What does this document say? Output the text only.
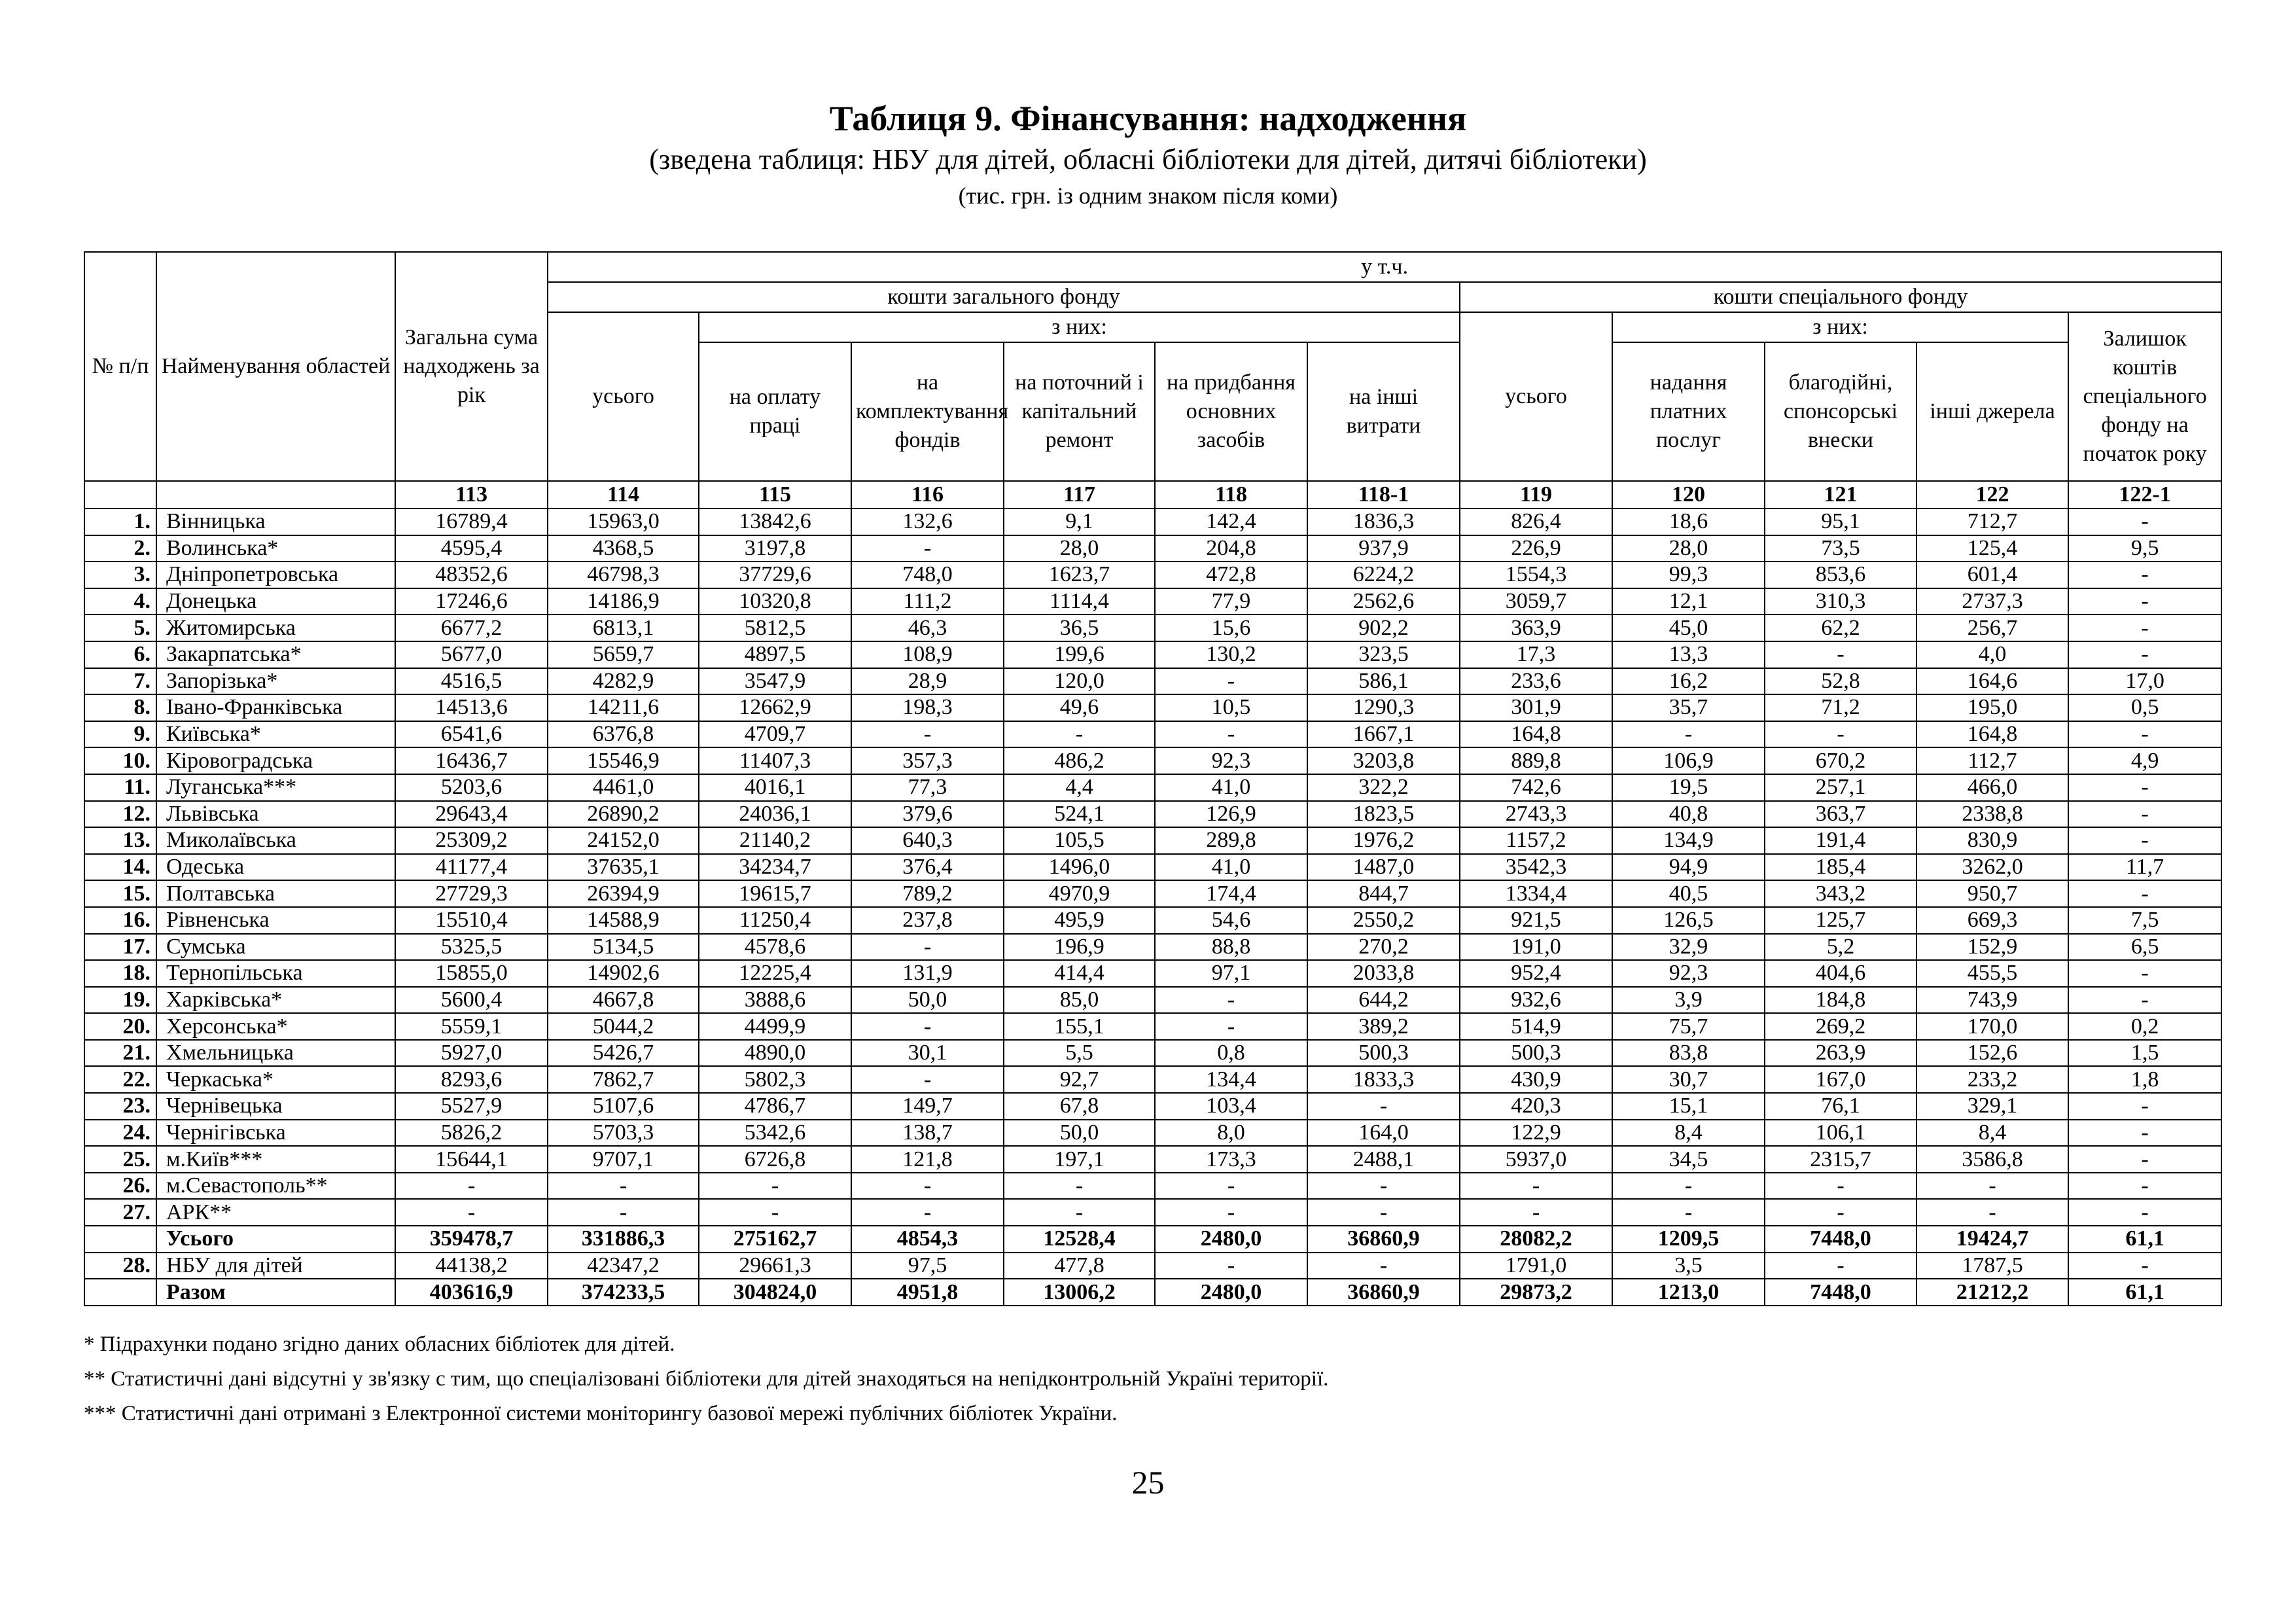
Таблиця 9. Фінансування: надходження
(зведена таблиця: НБУ для дітей, обласні бібліотеки для дітей, дитячі бібліотеки)
(тис. грн. із одним знаком після коми)
№ п/п	Найменування областей	Загальна сума надходжень за рік	у т.ч.										
			кошти загального фонду						кошти спеціального фонду				
			усього	з них:					усього	з них:			Залишок коштів спеціального фонду на початок року
				на оплату праці	на комплектування фондів	на поточний і капітальний ремонт	на придбання основних засобів	на інші витрати		надання платних послуг	благодійні, спонсорські внески	інші джерела	
		113	114	115	116	117	118	118-1	119	120	121	122	122-1
1.	Вінницька	16789,4	15963,0	13842,6	132,6	9,1	142,4	1836,3	826,4	18,6	95,1	712,7	-
2.	Волинська*	4595,4	4368,5	3197,8	-	28,0	204,8	937,9	226,9	28,0	73,5	125,4	9,5
3.	Дніпропетровська	48352,6	46798,3	37729,6	748,0	1623,7	472,8	6224,2	1554,3	99,3	853,6	601,4	-
4.	Донецька	17246,6	14186,9	10320,8	111,2	1114,4	77,9	2562,6	3059,7	12,1	310,3	2737,3	-
5.	Житомирська	6677,2	6813,1	5812,5	46,3	36,5	15,6	902,2	363,9	45,0	62,2	256,7	-
6.	Закарпатська*	5677,0	5659,7	4897,5	108,9	199,6	130,2	323,5	17,3	13,3	-	4,0	-
7.	Запорізька*	4516,5	4282,9	3547,9	28,9	120,0	-	586,1	233,6	16,2	52,8	164,6	17,0
8.	Івано-Франківська	14513,6	14211,6	12662,9	198,3	49,6	10,5	1290,3	301,9	35,7	71,2	195,0	0,5
9.	Київська*	6541,6	6376,8	4709,7	-	-	-	1667,1	164,8	-	-	164,8	-
10.	Кіровоградська	16436,7	15546,9	11407,3	357,3	486,2	92,3	3203,8	889,8	106,9	670,2	112,7	4,9
11.	Луганська***	5203,6	4461,0	4016,1	77,3	4,4	41,0	322,2	742,6	19,5	257,1	466,0	-
12.	Львівська	29643,4	26890,2	24036,1	379,6	524,1	126,9	1823,5	2743,3	40,8	363,7	2338,8	-
13.	Миколаївська	25309,2	24152,0	21140,2	640,3	105,5	289,8	1976,2	1157,2	134,9	191,4	830,9	-
14.	Одеська	41177,4	37635,1	34234,7	376,4	1496,0	41,0	1487,0	3542,3	94,9	185,4	3262,0	11,7
15.	Полтавська	27729,3	26394,9	19615,7	789,2	4970,9	174,4	844,7	1334,4	40,5	343,2	950,7	-
16.	Рівненська	15510,4	14588,9	11250,4	237,8	495,9	54,6	2550,2	921,5	126,5	125,7	669,3	7,5
17.	Сумська	5325,5	5134,5	4578,6	-	196,9	88,8	270,2	191,0	32,9	5,2	152,9	6,5
18.	Тернопільська	15855,0	14902,6	12225,4	131,9	414,4	97,1	2033,8	952,4	92,3	404,6	455,5	-
19.	Харківська*	5600,4	4667,8	3888,6	50,0	85,0	-	644,2	932,6	3,9	184,8	743,9	-
20.	Херсонська*	5559,1	5044,2	4499,9	-	155,1	-	389,2	514,9	75,7	269,2	170,0	0,2
21.	Хмельницька	5927,0	5426,7	4890,0	30,1	5,5	0,8	500,3	500,3	83,8	263,9	152,6	1,5
22.	Черкаська*	8293,6	7862,7	5802,3	-	92,7	134,4	1833,3	430,9	30,7	167,0	233,2	1,8
23.	Чернівецька	5527,9	5107,6	4786,7	149,7	67,8	103,4	-	420,3	15,1	76,1	329,1	-
24.	Чернігівська	5826,2	5703,3	5342,6	138,7	50,0	8,0	164,0	122,9	8,4	106,1	8,4	-
25.	м.Київ***	15644,1	9707,1	6726,8	121,8	197,1	173,3	2488,1	5937,0	34,5	2315,7	3586,8	-
26.	м.Севастополь**	-	-	-	-	-	-	-	-	-	-	-	-
27.	АРК**	-	-	-	-	-	-	-	-	-	-	-	-
	Усього	359478,7	331886,3	275162,7	4854,3	12528,4	2480,0	36860,9	28082,2	1209,5	7448,0	19424,7	61,1
28.	НБУ для дітей	44138,2	42347,2	29661,3	97,5	477,8	-	-	1791,0	3,5	-	1787,5	-
	Разом	403616,9	374233,5	304824,0	4951,8	13006,2	2480,0	36860,9	29873,2	1213,0	7448,0	21212,2	61,1
* Підрахунки подано згідно даних обласних бібліотек для дітей.
** Статистичні дані відсутні у зв'язку с тим, що спеціалізовані бібліотеки для дітей знаходяться на непідконтрольній Україні території.
*** Статистичні дані отримані з Електронної системи моніторингу базової мережі публічних бібліотек України.
25
